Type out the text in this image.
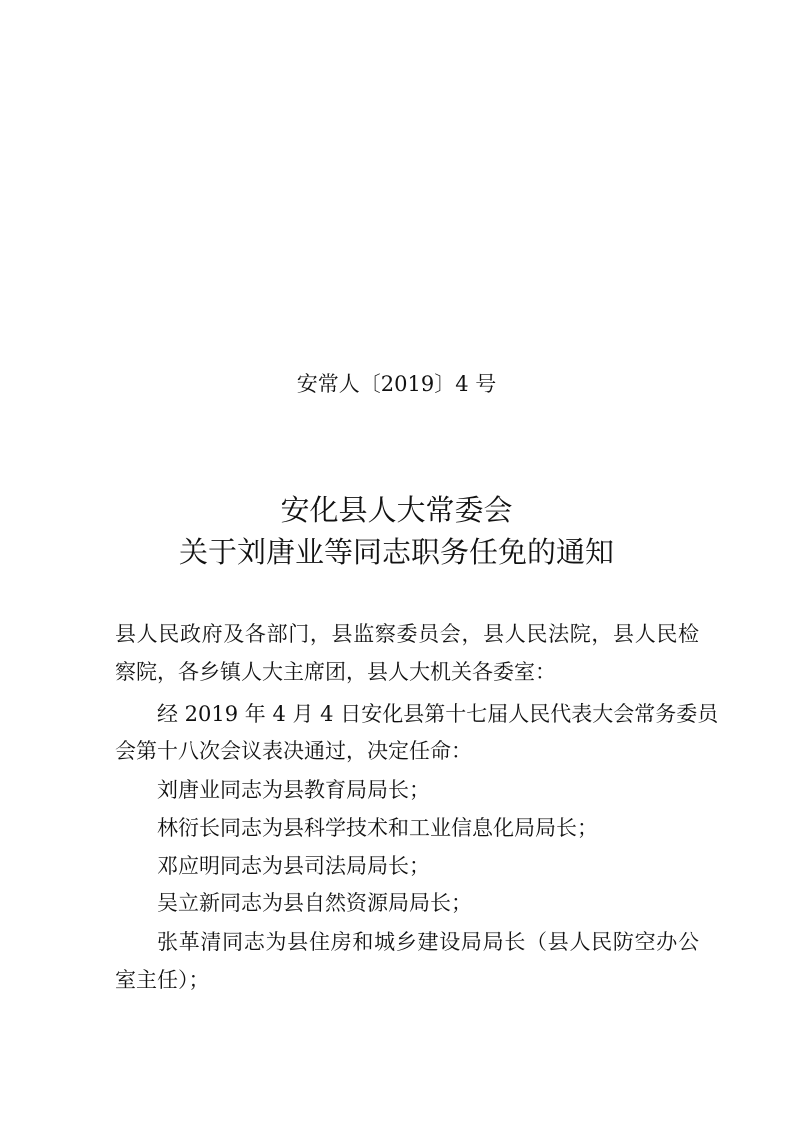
安常人〔2019〕4 号
安化县人大常委会
关于刘唐业等同志职务任免的通知
县人民政府及各部门，县监察委员会，县人民法院，县人民检
察院，各乡镇人大主席团，县人大机关各委室：
经 2019 年 4 月 4 日安化县第十七届人民代表大会常务委员
会第十八次会议表决通过，决定任命：
刘唐业同志为县教育局局长；
林衍长同志为县科学技术和工业信息化局局长；
邓应明同志为县司法局局长；
吴立新同志为县自然资源局局长；
张革清同志为县住房和城乡建设局局长（县人民防空办公
室主任）；
